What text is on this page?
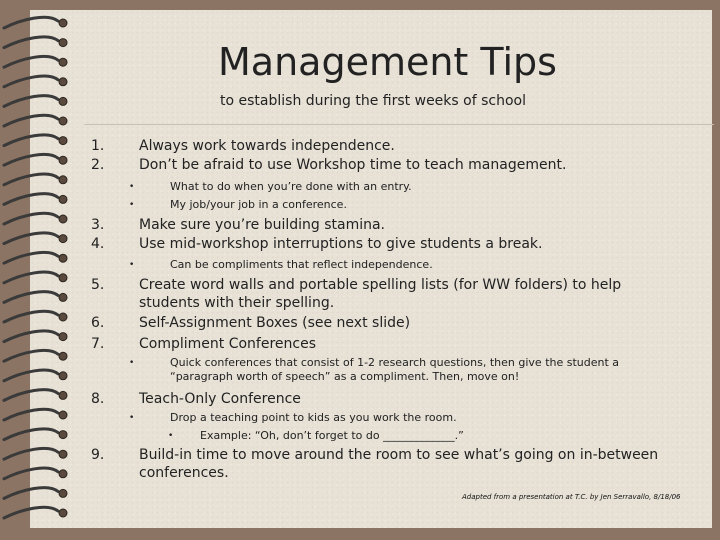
Management Tips
to establish during the first weeks of school
1. Always work towards independence.
2. Don’t be afraid to use Workshop time to teach management.
•	What to do when you’re done with an entry.
•	My job/your job in a conference.
3. Make sure you’re building stamina.
4. Use mid-workshop interruptions to give students a break.
•	Can be compliments that reflect independence.
5. Create word walls and portable spelling lists (for WW folders) to help students with their spelling.
6. Self-Assignment Boxes (see next slide)
7. Compliment Conferences
•	Quick conferences that consist of 1-2 research questions, then give the student a “paragraph worth of speech” as a compliment. Then, move on!
8. Teach-Only Conference
•	Drop a teaching point to kids as you work the room.
• Example: “Oh, don’t forget to do _____________.”
9. Build-in time to move around the room to see what’s going on in-between conferences.
Adapted from a presentation at T.C. by Jen Serravallo, 8/18/06
